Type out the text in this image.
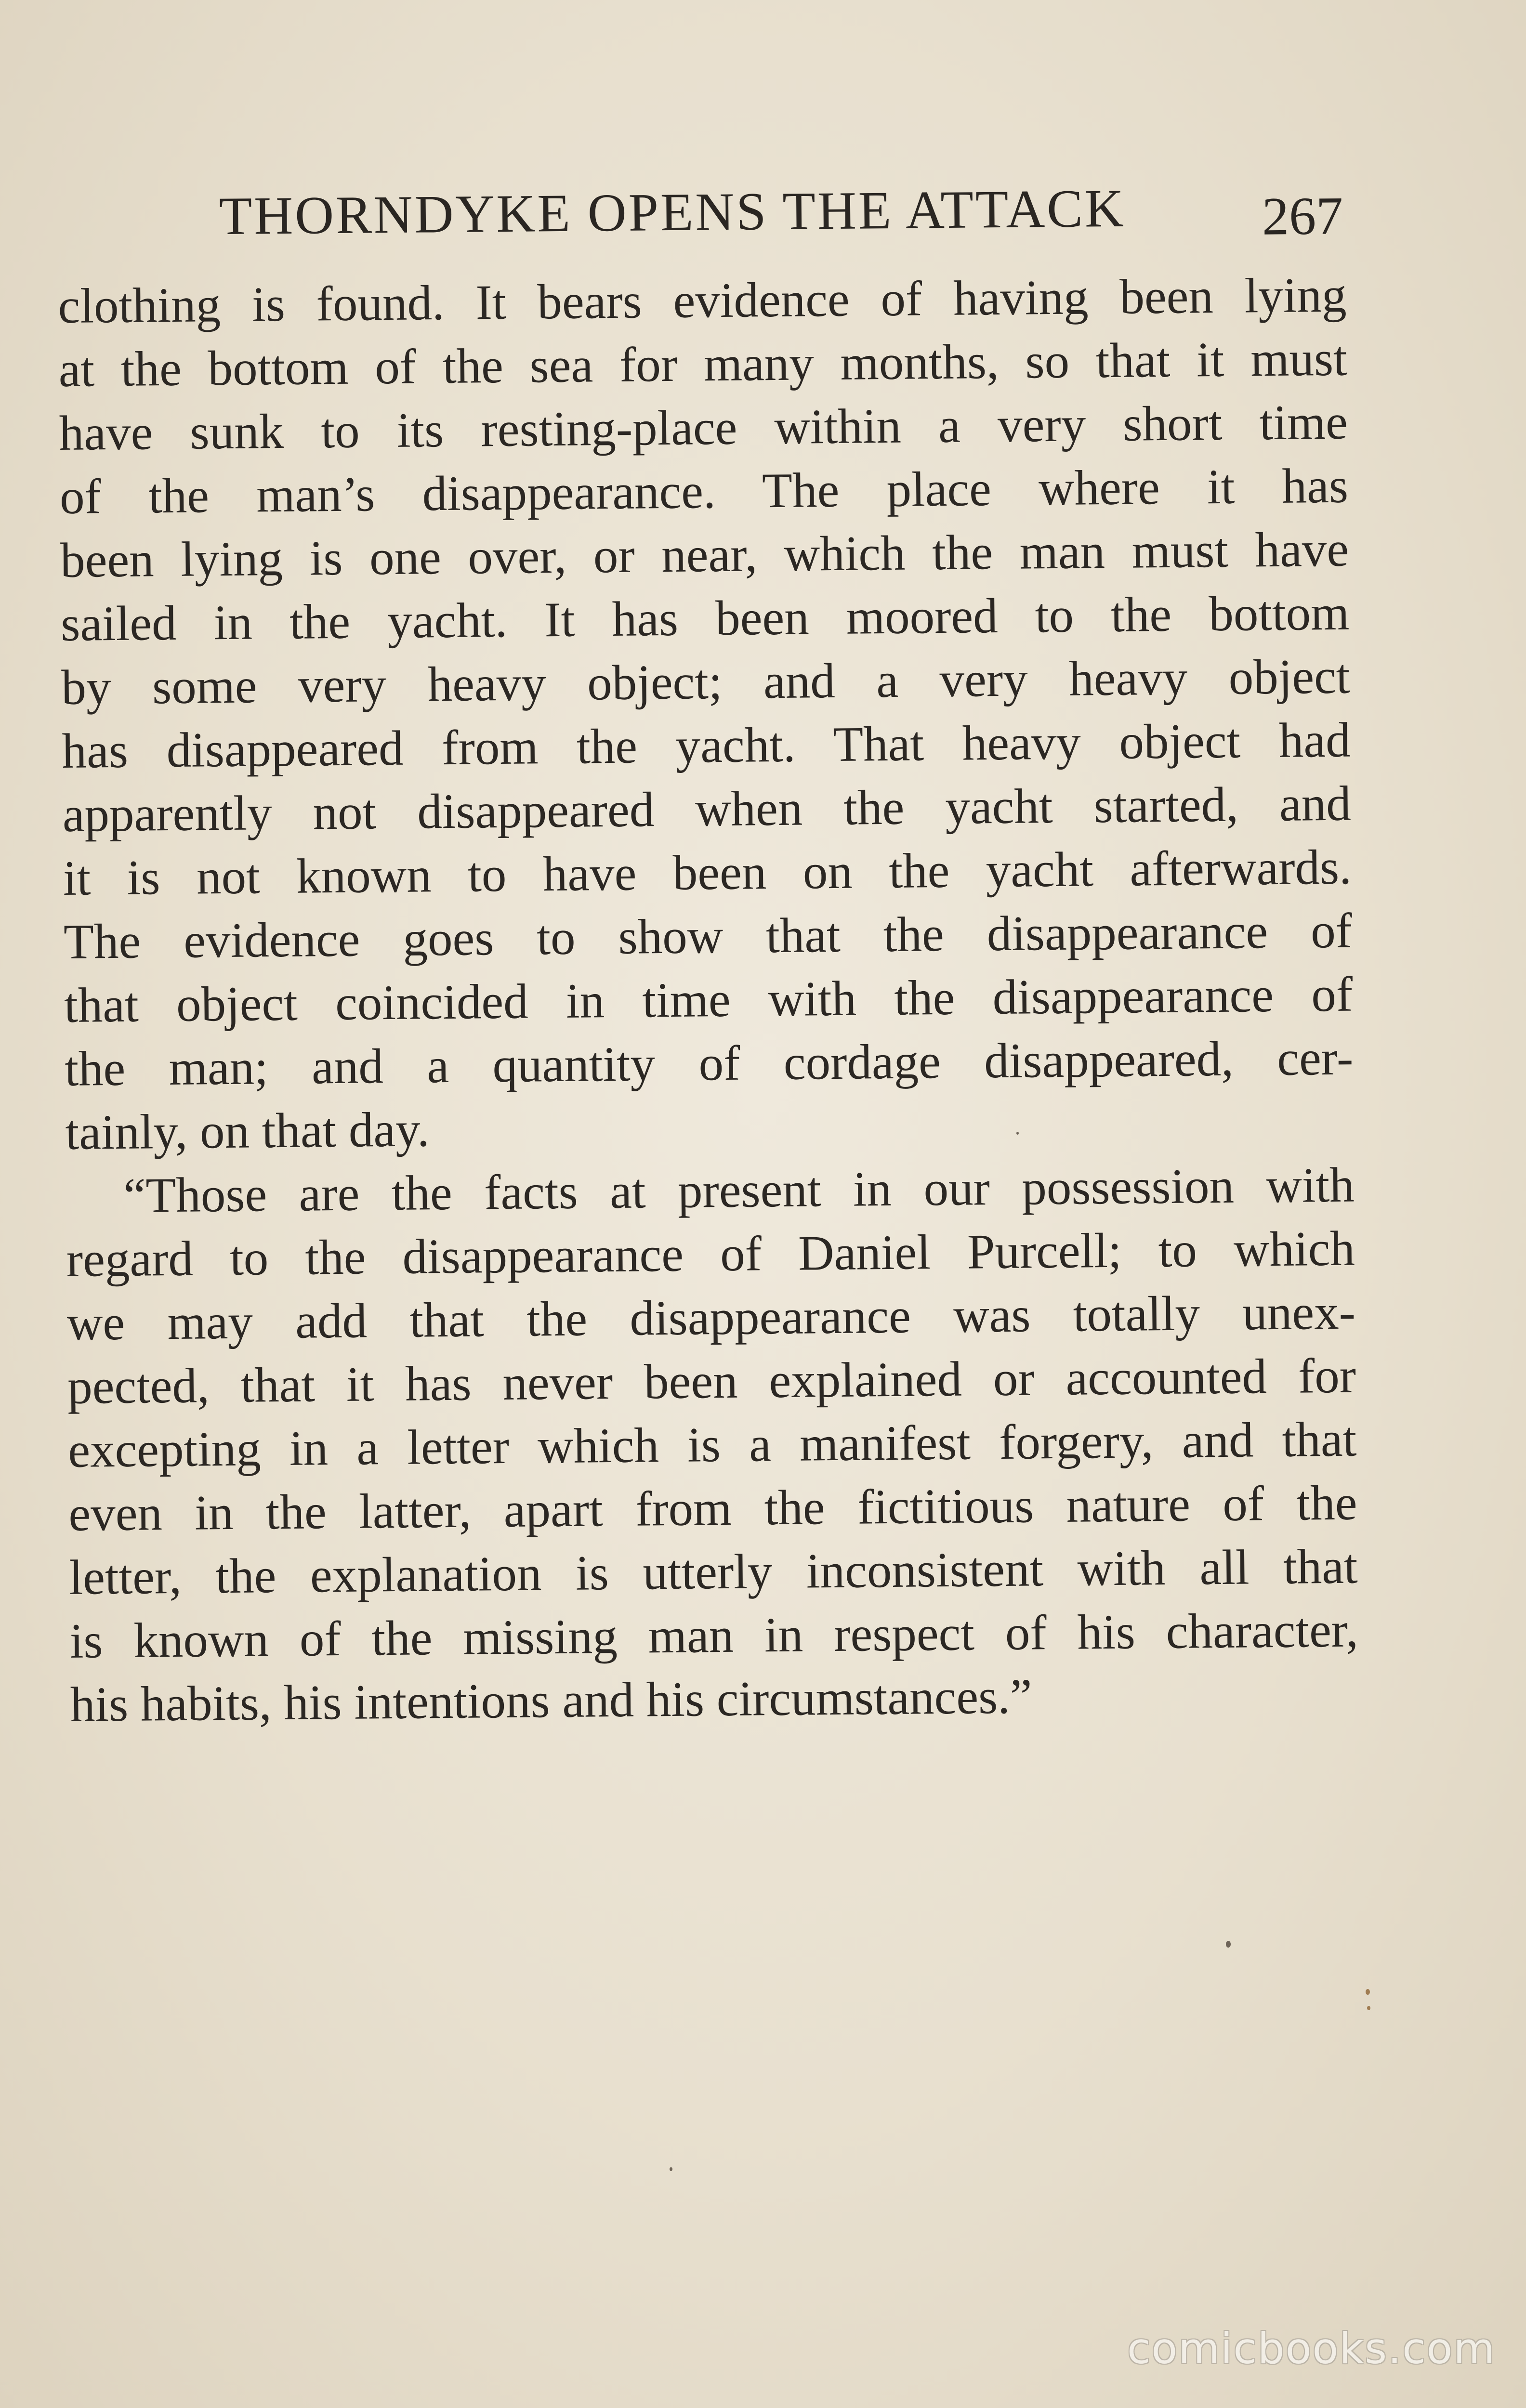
THORNDYKE OPENS THE ATTACK	267
clothing is found. It bears evidence of having been lying
at the bottom of the sea for many months, so that it must
have sunk to its resting-place within a very short time
of the man’s disappearance. The place where it has
been lying is one over, or near, which the man must have
sailed in the yacht. It has been moored to the bottom
by some very heavy object; and a very heavy object
has disappeared from the yacht. That heavy object had
apparently not disappeared when the yacht started, and
it is not known to have been on the yacht afterwards.
The evidence goes to show that the disappearance of
that object coincided in time with the disappearance of
the man; and a quantity of cordage disappeared, cer-
tainly, on that day.
“Those are the facts at present in our possession with
regard to the disappearance of Daniel Purcell; to which
we may add that the disappearance was totally unex-
pected, that it has never been explained or accounted for
excepting in a letter which is a manifest forgery, and that
even in the latter, apart from the fictitious nature of the
letter, the explanation is utterly inconsistent with all that
is known of the missing man in respect of his character,
his habits, his intentions and his circumstances.”
comicbooks.com
